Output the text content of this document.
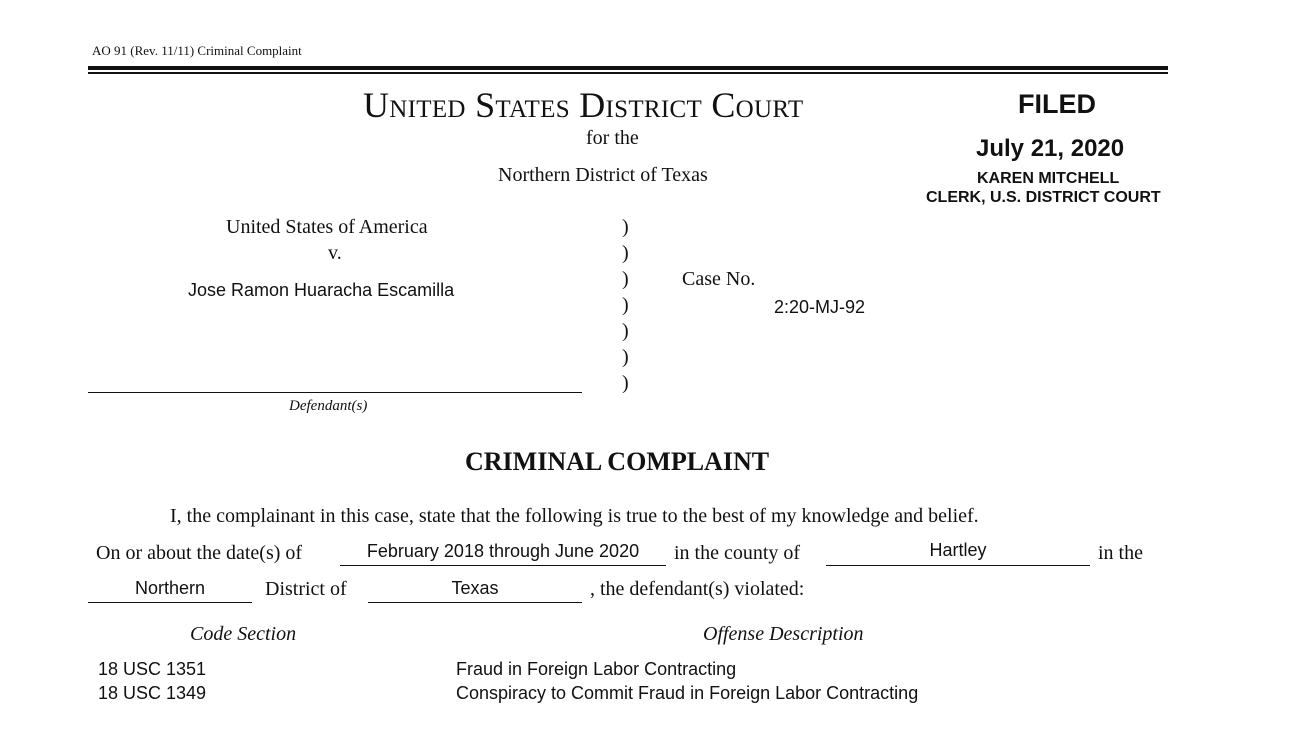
AO 91 (Rev. 11/11) Criminal Complaint
United States District Court
for the
Northern District of Texas
FILED
July 21, 2020
KAREN MITCHELL
CLERK, U.S. DISTRICT COURT
United States of America
v.
Jose Ramon Huaracha Escamilla
)
)
)
)
)
)
)
Case No.
2:20-MJ-92
Defendant(s)
CRIMINAL COMPLAINT
I, the complainant in this case, state that the following is true to the best of my knowledge and belief.
On or about the date(s) of	February 2018 through June 2020	in the county of	Hartley	in the
Northern	District of	Texas	, the defendant(s) violated:
Code Section	Offense Description
18 USC 1351	Fraud in Foreign Labor Contracting
18 USC 1349	Conspiracy to Commit Fraud in Foreign Labor Contracting
